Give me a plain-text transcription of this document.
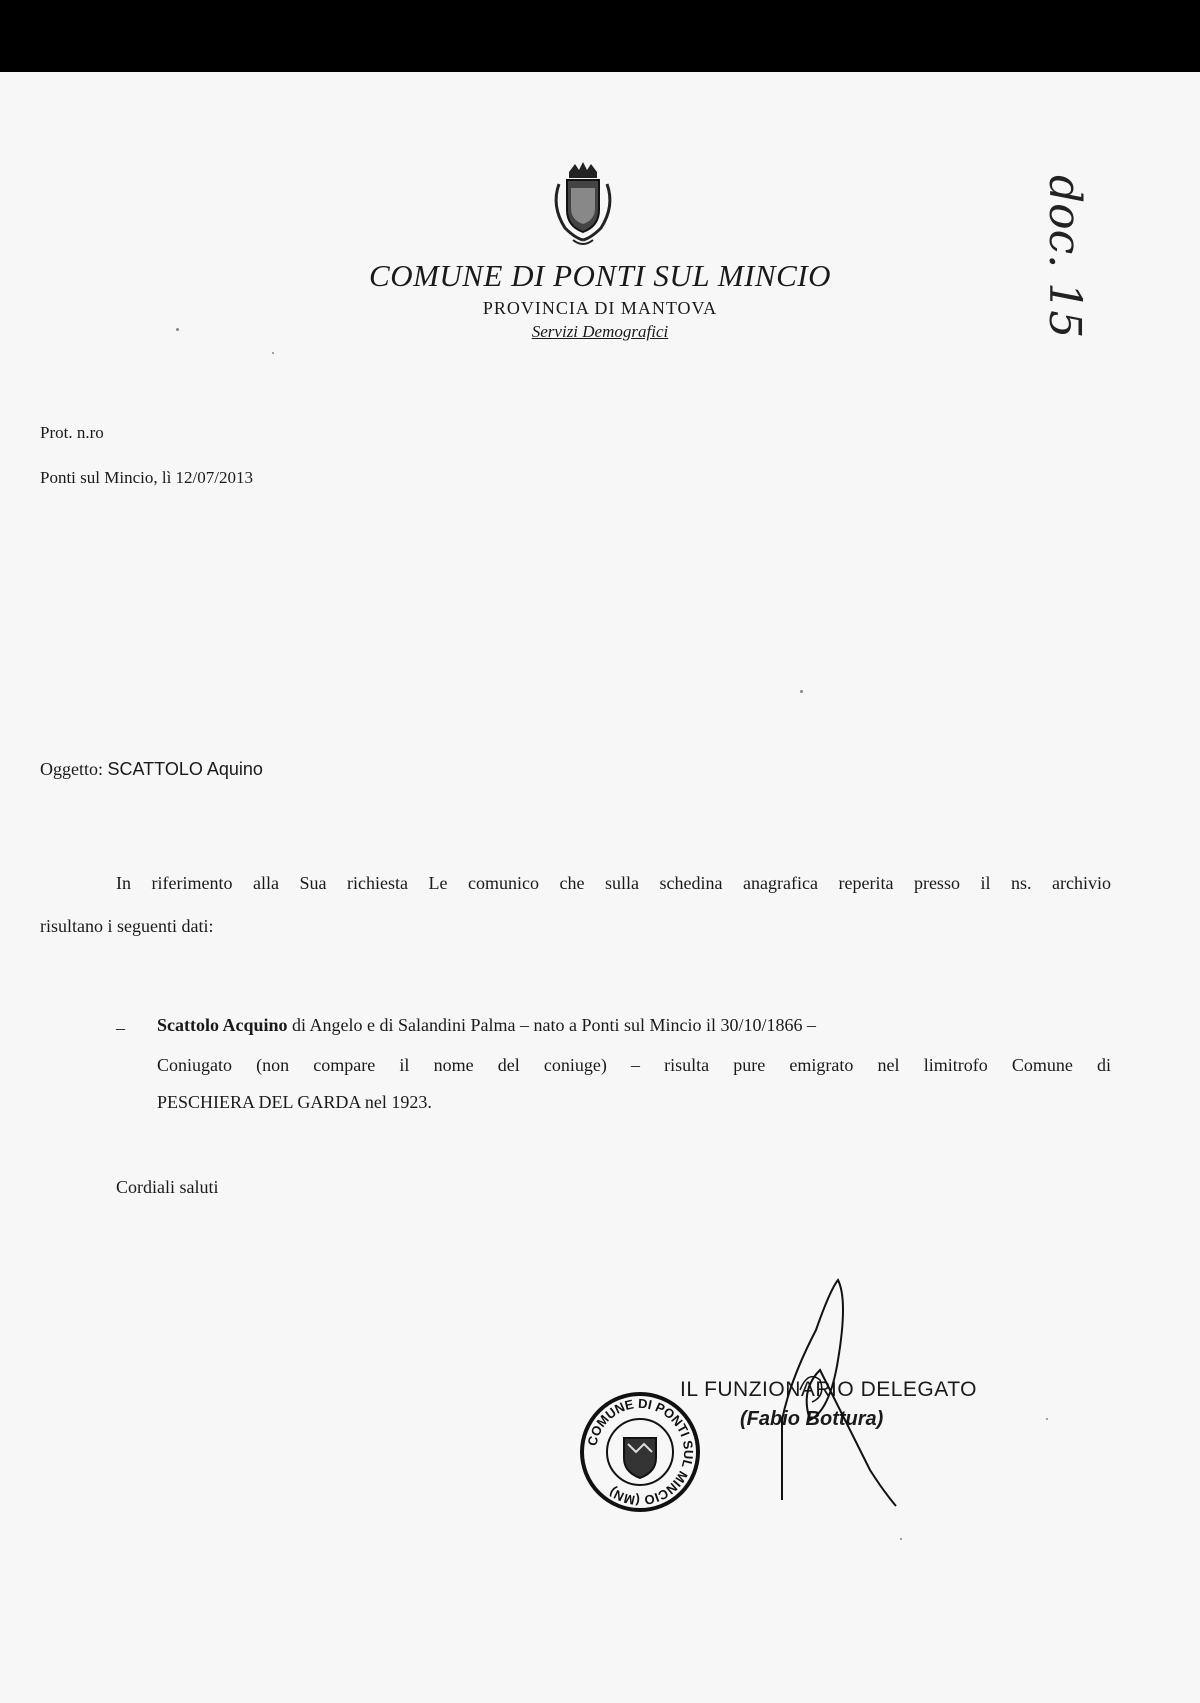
doc. 15
COMUNE DI PONTI SUL MINCIO
PROVINCIA DI MANTOVA
Servizi Demografici
Prot. n.ro
Ponti sul Mincio, lì 12/07/2013
Oggetto: SCATTOLO Aquino
In riferimento alla Sua richiesta Le comunico che sulla schedina anagrafica reperita presso il ns. archivio
risultano i seguenti dati:
– Scattolo Acquino di Angelo e di Salandini Palma – nato a Ponti sul Mincio il 30/10/1866 –
Coniugato (non compare il nome del coniuge) – risulta pure emigrato nel limitrofo Comune di
PESCHIERA DEL GARDA nel 1923.
Cordiali saluti
COMUNE DI PONTI SUL MINCIO (MN)
IL FUNZIONARIO DELEGATO
(Fabio Bottura)
